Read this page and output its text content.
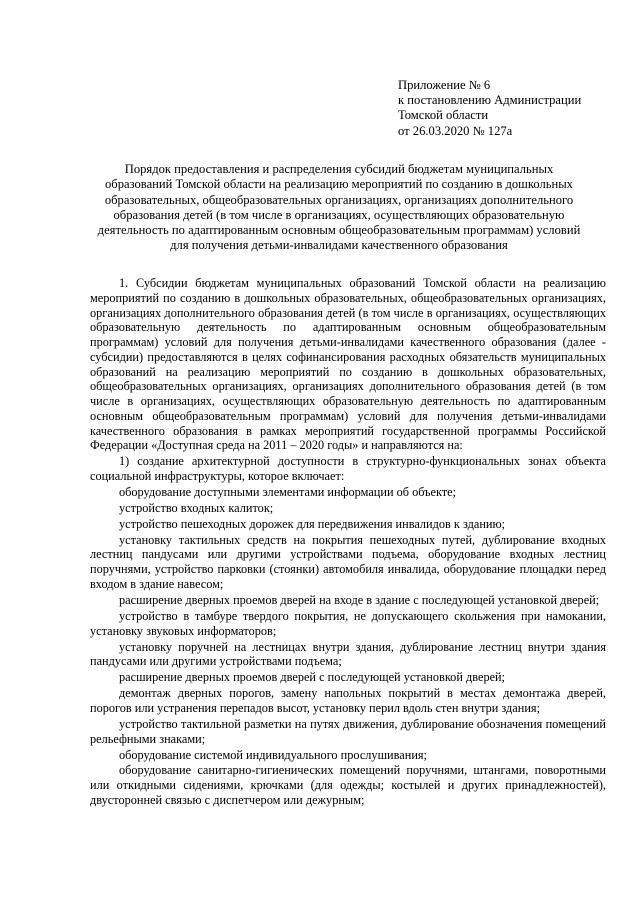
Приложение № 6
к постановлению Администрации
Томской области
от 26.03.2020 № 127а
Порядок предоставления и распределения субсидий бюджетам муниципальных образований Томской области на реализацию мероприятий по созданию в дошкольных образовательных, общеобразовательных организациях, организациях дополнительного образования детей (в том числе в организациях, осуществляющих образовательную деятельность по адаптированным основным общеобразовательным программам) условий для получения детьми-инвалидами качественного образования

1. Субсидии бюджетам муниципальных образований Томской области на реализацию мероприятий по созданию в дошкольных образовательных, общеобразовательных организациях, организациях дополнительного образования детей (в том числе в организациях, осуществляющих образовательную деятельность по адаптированным основным общеобразовательным программам) условий для получения детьми-инвалидами качественного образования (далее - субсидии) предоставляются в целях софинансирования расходных обязательств муниципальных образований на реализацию мероприятий по созданию в дошкольных образовательных, общеобразовательных организациях, организациях дополнительного образования детей (в том числе в организациях, осуществляющих образовательную деятельность по адаптированным основным общеобразовательным программам) условий для получения детьми-инвалидами качественного образования в рамках мероприятий государственной программы Российской Федерации «Доступная среда на 2011 – 2020 годы» и направляются на:

1) создание архитектурной доступности в структурно-функциональных зонах объекта социальной инфраструктуры, которое включает:

оборудование доступными элементами информации об объекте;

устройство входных калиток;

устройство пешеходных дорожек для передвижения инвалидов к зданию;

установку тактильных средств на покрытия пешеходных путей, дублирование входных лестниц пандусами или другими устройствами подъема, оборудование входных лестниц поручнями, устройство парковки (стоянки) автомобиля инвалида, оборудование площадки перед входом в здание навесом;

расширение дверных проемов дверей на входе в здание с последующей установкой дверей;

устройство в тамбуре твердого покрытия, не допускающего скольжения при намокании, установку звуковых информаторов;

установку поручней на лестницах внутри здания, дублирование лестниц внутри здания пандусами или другими устройствами подъема;

расширение дверных проемов дверей с последующей установкой дверей;

демонтаж дверных порогов, замену напольных покрытий в местах демонтажа дверей, порогов или устранения перепадов высот, установку перил вдоль стен внутри здания;

устройство тактильной разметки на путях движения, дублирование обозначения помещений рельефными знаками;

оборудование системой индивидуального прослушивания;

оборудование санитарно-гигиенических помещений поручнями, штангами, поворотными или откидными сидениями, крючками (для одежды; костылей и других принадлежностей), двусторонней связью с диспетчером или дежурным;
